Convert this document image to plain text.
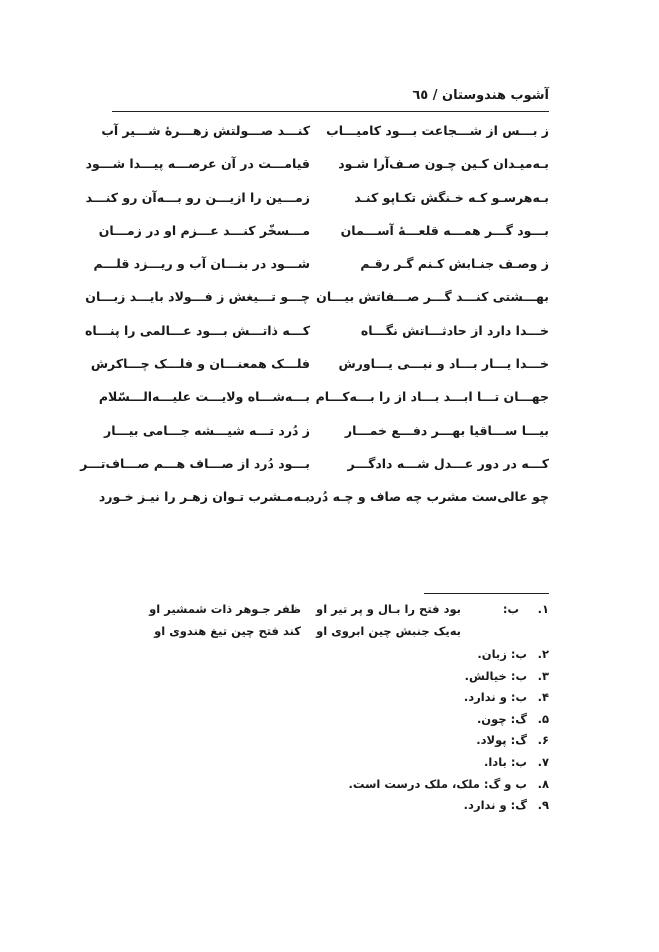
آشوب هندوستان / ٦٥
ز بـــس از شـــجاعت بـــود کامیـــاب
کنـــد صـــولتش زهـــرهٔ شـــیر آب
بـه‌میـدان کـین چـون صـف‌آرا شـود
قیامـــت در آن عرصـــه پیـــدا شـــود
بـه‌هرسـو کـه خـنگش تکـاپو کنـد
زمـــین را ازیـــن رو بـــه‌آن رو کنـــد
بـــود گـــر همـــه قلعـــهٔ آســـمان
مـــسخّر کنـــد عـــزم او در زمـــان
ز وصـف جنـابش کـنم گـر رقـم
شـــود در بنـــان آب و ریـــزد قلـــم
بهـــشتی کنـــد گـــر صـــفاتش بیـــان
چـــو تـــیغش ز فـــولاد بایـــد زبـــان
خـــدا دارد از حادثـــاتش نگـــاه
کـــه ذاتـــش بـــود عـــالمی را پنـــاه
خـــدا یـــار بـــاد و نبـــی یـــاورش
فلـــک همعنـــان و فلـــک چـــاکرش
جهـــان تـــا ابـــد بـــاد از را بـــه‌کـــام
بـــه‌شـــاه ولایـــت علیـــه‌الـــسّلام
بیـــا ســـاقیا بهـــر دفـــع خمـــار
ز دُرد تـــه شیـــشه جـــامی بیـــار
کـــه در دور عـــدل شـــه دادگـــر
بـــود دُرد از صـــاف هـــم صـــاف‌تـــر
چو عالی‌ست مشرب چه صاف و چـه دُرد
بـه‌مـشرب تـوان زهـر را نیـز خـورد
۱.
ب:
بود فتح را بـال و پر تیر او
به‌یک جنبش چین ابروی او
ظفر جـوهر ذات شمشیر او
کند فتح چین تیغ هندوی او
۲.ب: زبان.
۳.ب: خیالش.
۴.ب: و ندارد.
۵.گ: چون.
۶.گ: پولاد.
۷.ب: بادا.
۸.ب و گ: ملک، ملک درست است.
۹.گ: و ندارد.
